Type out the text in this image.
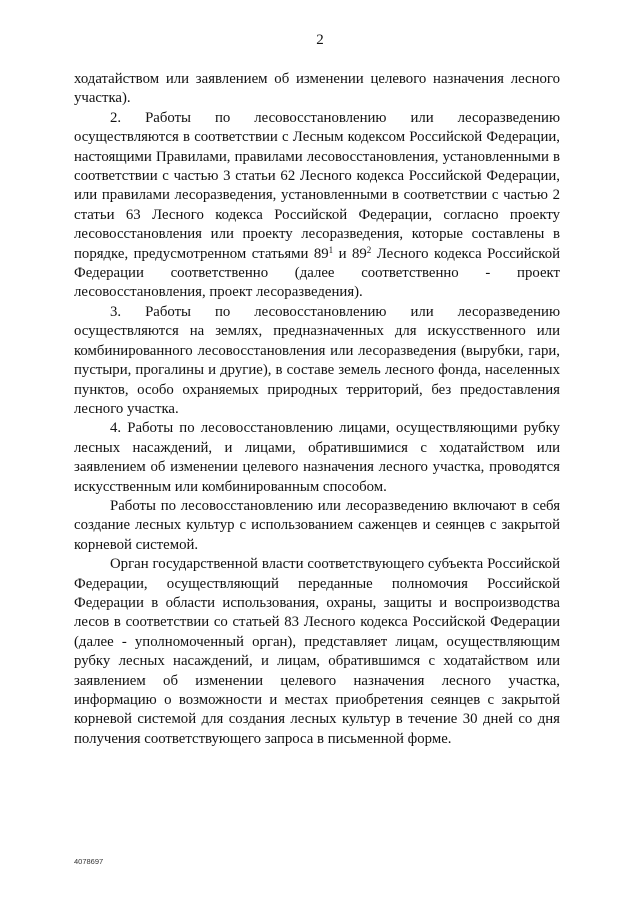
2

ходатайством или заявлением об изменении целевого назначения лесного участка).

2. Работы по лесовосстановлению или лесоразведению осуществляются в соответствии с Лесным кодексом Российской Федерации, настоящими Правилами, правилами лесовосстановления, установленными в соответствии с частью 3 статьи 62 Лесного кодекса Российской Федерации, или правилами лесоразведения, установленными в соответствии с частью 2 статьи 63 Лесного кодекса Российской Федерации, согласно проекту лесовосстановления или проекту лесоразведения, которые составлены в порядке, предусмотренном статьями $89^1$ и $89^2$ Лесного кодекса Российской Федерации соответственно (далее соответственно - проект лесовосстановления, проект лесоразведения).

3. Работы по лесовосстановлению или лесоразведению осуществляются на землях, предназначенных для искусственного или комбинированного лесовосстановления или лесоразведения (вырубки, гари, пустыри, прогалины и другие), в составе земель лесного фонда, населенных пунктов, особо охраняемых природных территорий, без предоставления лесного участка.

4. Работы по лесовосстановлению лицами, осуществляющими рубку лесных насаждений, и лицами, обратившимися с ходатайством или заявлением об изменении целевого назначения лесного участка, проводятся искусственным или комбинированным способом.

Работы по лесовосстановлению или лесоразведению включают в себя создание лесных культур с использованием саженцев и сеянцев с закрытой корневой системой.

Орган государственной власти соответствующего субъекта Российской Федерации, осуществляющий переданные полномочия Российской Федерации в области использования, охраны, защиты и воспроизводства лесов в соответствии со статьей 83 Лесного кодекса Российской Федерации (далее - уполномоченный орган), представляет лицам, осуществляющим рубку лесных насаждений, и лицам, обратившимся с ходатайством или заявлением об изменении целевого назначения лесного участка, информацию о возможности и местах приобретения сеянцев с закрытой корневой системой для создания лесных культур в течение 30 дней со дня получения соответствующего запроса в письменной форме.

4078697
